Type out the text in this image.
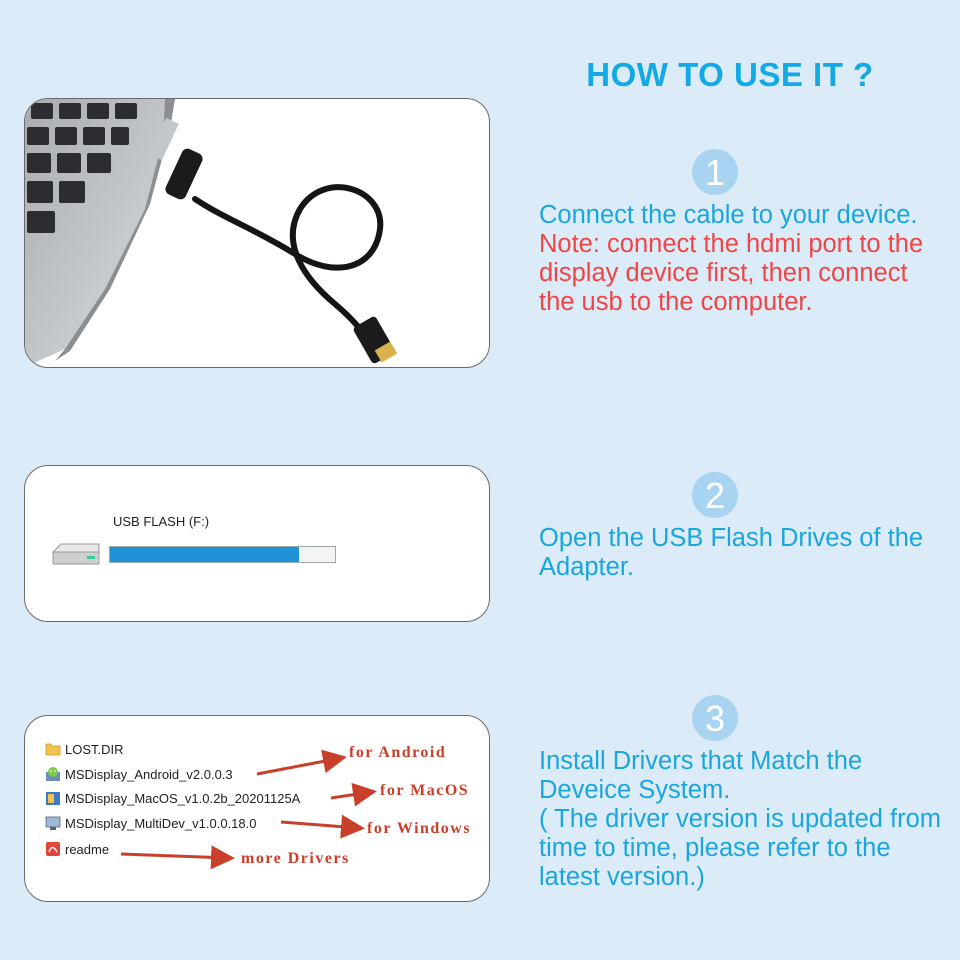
HOW TO USE IT ?
1
Connect the cable to your device.
Note: connect the hdmi port to the display device first, then connect the usb to the computer.
USB FLASH (F:)
2
Open the USB Flash Drives of the Adapter.
LOST.DIR
MSDisplay_Android_v2.0.0.3
MSDisplay_MacOS_v1.0.2b_20201125A
MSDisplay_MultiDev_v1.0.0.18.0
readme
for Android
for MacOS
for Windows
more Drivers
3
Install Drivers that Match the Deveice System.
( The driver version is updated from time to time, please refer to the latest version.)
